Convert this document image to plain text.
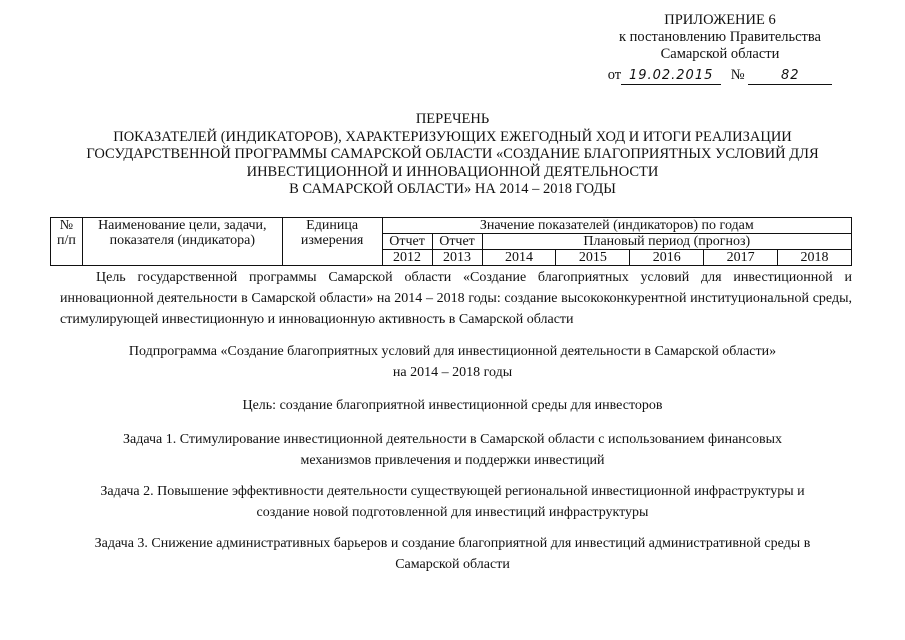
ПРИЛОЖЕНИЕ 6
к постановлению Правительства
Самарской области
от 19.02.2015 №	82
ПЕРЕЧЕНЬ
ПОКАЗАТЕЛЕЙ (ИНДИКАТОРОВ), ХАРАКТЕРИЗУЮЩИХ ЕЖЕГОДНЫЙ ХОД И ИТОГИ РЕАЛИЗАЦИИ
ГОСУДАРСТВЕННОЙ ПРОГРАММЫ САМАРСКОЙ ОБЛАСТИ «СОЗДАНИЕ БЛАГОПРИЯТНЫХ УСЛОВИЙ ДЛЯ
ИНВЕСТИЦИОННОЙ И ИННОВАЦИОННОЙ ДЕЯТЕЛЬНОСТИ
В САМАРСКОЙ ОБЛАСТИ» НА 2014 – 2018 ГОДЫ
№ п/п	Наименование цели, задачи, показателя (индикатора)	Единица измерения	Значение показателей (индикаторов) по годам						
			Отчет	Отчет	Плановый период (прогноз)				
			2012	2013	2014	2015	2016	2017	2018
Цель государственной программы Самарской области «Создание благоприятных условий для инвестиционной и инновационной деятельности в Самарской области» на 2014 – 2018 годы: создание высококонкурентной институциональной среды, стимулирующей инвестиционную и инновационную активность в Самарской области
Подпрограмма «Создание благоприятных условий для инвестиционной деятельности в Самарской области»
на 2014 – 2018 годы
Цель: создание благоприятной инвестиционной среды для инвесторов
Задача 1. Стимулирование инвестиционной деятельности в Самарской области с использованием финансовых
механизмов привлечения и поддержки инвестиций
Задача 2. Повышение эффективности деятельности существующей региональной инвестиционной инфраструктуры и
создание новой подготовленной для инвестиций инфраструктуры
Задача 3. Снижение административных барьеров и создание благоприятной для инвестиций административной среды в
Самарской области
